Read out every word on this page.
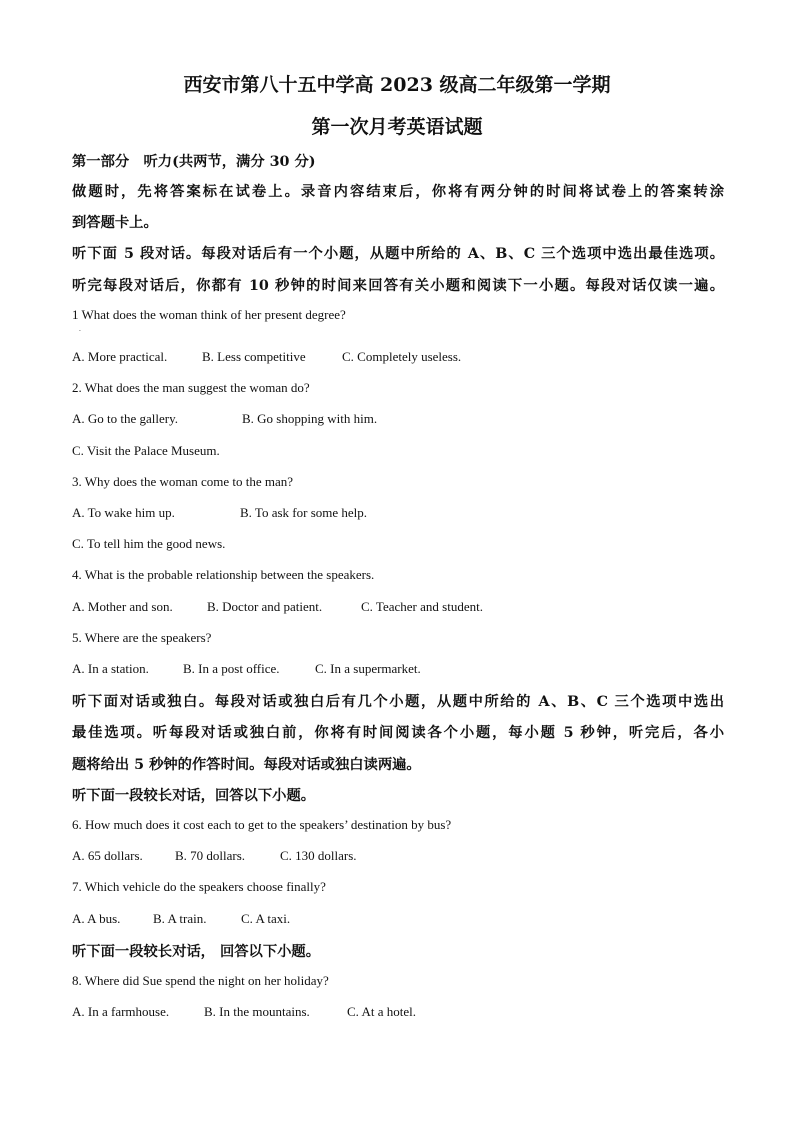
西安市第八十五中学高 2023 级高二年级第一学期
第一次月考英语试题
第一部分　听力(共两节，满分 30 分)
做题时，先将答案标在试卷上。录音内容结束后，你将有两分钟的时间将试卷上的答案转涂
到答题卡上。
听下面 5 段对话。每段对话后有一个小题，从题中所给的 A、B、C 三个选项中选出最佳选项。
听完每段对话后，你都有 10 秒钟的时间来回答有关小题和阅读下一小题。每段对话仅读一遍。
1 What does the woman think of her present degree?
·
A. More practical.	B. Less competitive	C. Completely useless.
2. What does the man suggest the woman do?
A. Go to the gallery.	B. Go shopping with him.
C. Visit the Palace Museum.
3. Why does the woman come to the man?
A. To wake him up.	B. To ask for some help.
C. To tell him the good news.
4. What is the probable relationship between the speakers.
A. Mother and son.	B. Doctor and patient.	C. Teacher and student.
5. Where are the speakers?
A. In a station.	B. In a post office.	C. In a supermarket.
听下面对话或独白。每段对话或独白后有几个小题，从题中所给的 A、B、C 三个选项中选出
最佳选项。听每段对话或独白前，你将有时间阅读各个小题，每小题 5 秒钟，听完后，各小
题将给出 5 秒钟的作答时间。每段对话或独白读两遍。
听下面一段较长对话，回答以下小题。
6. How much does it cost each to get to the speakers’ destination by bus?
A. 65 dollars. B. 70 dollars.	C. 130 dollars.
7. Which vehicle do the speakers choose finally?
A. A bus.	B. A train.	C. A taxi.
听下面一段较长对话， 回答以下小题。
8. Where did Sue spend the night on her holiday?
A. In a farmhouse.	B. In the mountains.	C. At a hotel.
